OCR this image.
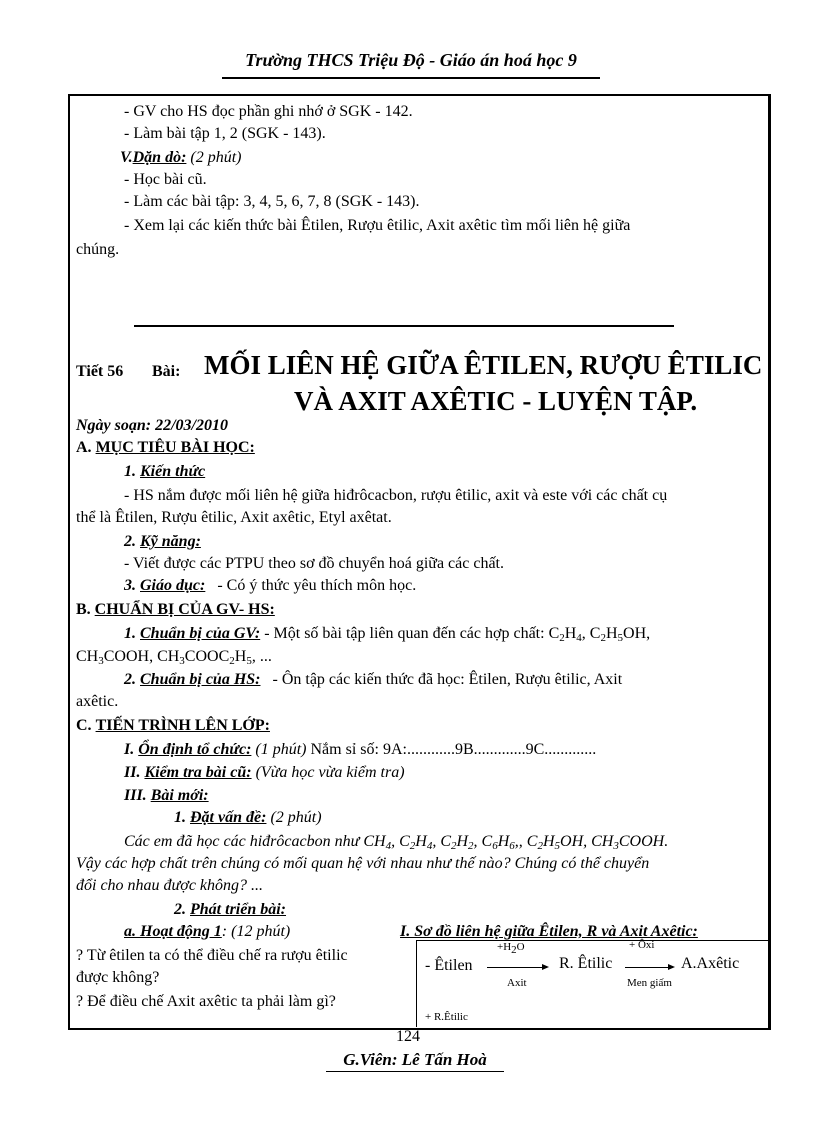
Trường THCS Triệu Độ - Giáo án hoá học 9
- GV cho HS đọc phần ghi nhớ ở SGK - 142.
- Làm bài tập 1, 2 (SGK - 143).
V.Dặn dò: (2 phút)
- Học bài cũ.
- Làm các bài tập: 3, 4, 5, 6, 7, 8 (SGK - 143).
- Xem lại các kiến thức bài Êtilen, Rượu êtilic, Axit axêtic tìm mối liên hệ giữa
chúng.
Tiết 56 Bài: MỐI LIÊN HỆ GIỮA ÊTILEN, RƯỢU ÊTILIC
VÀ AXIT AXÊTIC - LUYỆN TẬP.
Ngày soạn: 22/03/2010
A. MỤC TIÊU BÀI HỌC:
1. Kiến thức
- HS nắm được mối liên hệ giữa hiđrôcacbon, rượu êtilic, axit và este với các chất cụ
thể là Êtilen, Rượu êtilic, Axit axêtic, Etyl axêtat.
2. Kỹ năng:
- Viết được các PTPU theo sơ đồ chuyển hoá giữa các chất.
3. Giáo dục: - Có ý thức yêu thích môn học.
B. CHUẨN BỊ CỦA GV- HS:
1. Chuẩn bị của GV: - Một số bài tập liên quan đến các hợp chất: $C_2H_4$, $C_2H_5OH$,
$CH_3COOH$, $CH_3COOC_2H_5$, ...
2. Chuẩn bị của HS: - Ôn tập các kiến thức đã học: Êtilen, Rượu êtilic, Axit
axêtic.
C. TIẾN TRÌNH LÊN LỚP:
I. Ổn định tổ chức: (1 phút) Nắm sỉ số: 9A:............9B.............9C.............
II. Kiểm tra bài cũ: (Vừa học vừa kiểm tra)
III. Bài mới:
1. Đặt vấn đề: (2 phút)
Các em đã học các hiđrôcacbon như $CH_4$, $C_2H_4$, $C_2H_2$, $C_6H_6$,, $C_2H_5OH$, $CH_3COOH$.
Vậy các hợp chất trên chúng có mối quan hệ với nhau như thế nào? Chúng có thể chuyển
đổi cho nhau được không? ...
2. Phát triển bài:
a. Hoạt động 1: (12 phút)	I. Sơ đồ liên hệ giữa Êtilen, R và Axit Axêtic:
? Từ êtilen ta có thể điều chế ra rượu êtilic
được không?
? Để điều chế Axit axêtic ta phải làm gì?
- Êtilen
$+H_2O$
Axit
R. Êtilic
+ Ôxi
Men giấm
A.Axêtic
+ R.Êtilic
124
G.Viên: Lê Tấn Hoà
